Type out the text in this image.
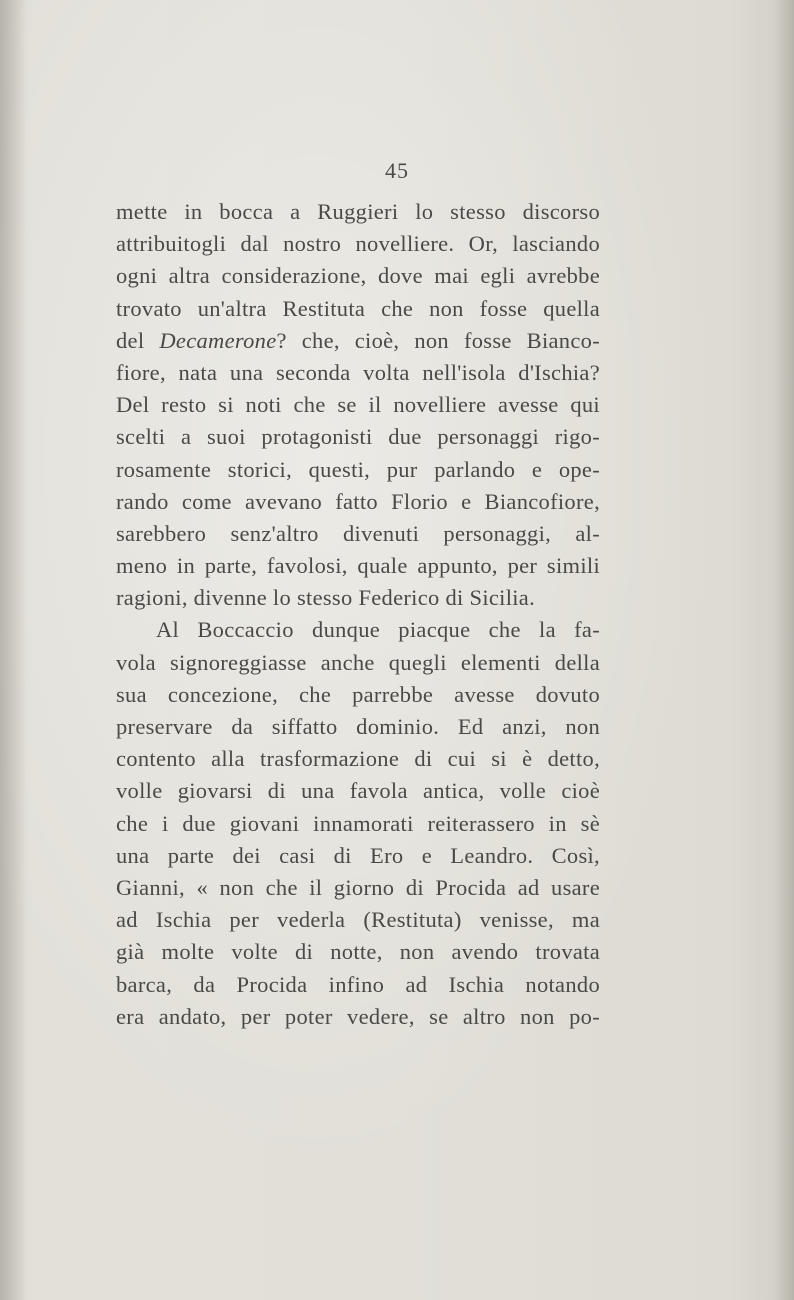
45
mette in bocca a Ruggieri lo stesso discorso
attribuitogli dal nostro novelliere. Or, lasciando
ogni altra considerazione, dove mai egli avrebbe
trovato un'altra Restituta che non fosse quella
del Decamerone? che, cioè, non fosse Bianco-
fiore, nata una seconda volta nell'isola d'Ischia?
Del resto si noti che se il novelliere avesse qui
scelti a suoi protagonisti due personaggi rigo-
rosamente storici, questi, pur parlando e ope-
rando come avevano fatto Florio e Biancofiore,
sarebbero senz'altro divenuti personaggi, al-
meno in parte, favolosi, quale appunto, per simili
ragioni, divenne lo stesso Federico di Sicilia.
Al Boccaccio dunque piacque che la fa-
vola signoreggiasse anche quegli elementi della
sua concezione, che parrebbe avesse dovuto
preservare da siffatto dominio. Ed anzi, non
contento alla trasformazione di cui si è detto,
volle giovarsi di una favola antica, volle cioè
che i due giovani innamorati reiterassero in sè
una parte dei casi di Ero e Leandro. Così,
Gianni, « non che il giorno di Procida ad usare
ad Ischia per vederla (Restituta) venisse, ma
già molte volte di notte, non avendo trovata
barca, da Procida infino ad Ischia notando
era andato, per poter vedere, se altro non po-
